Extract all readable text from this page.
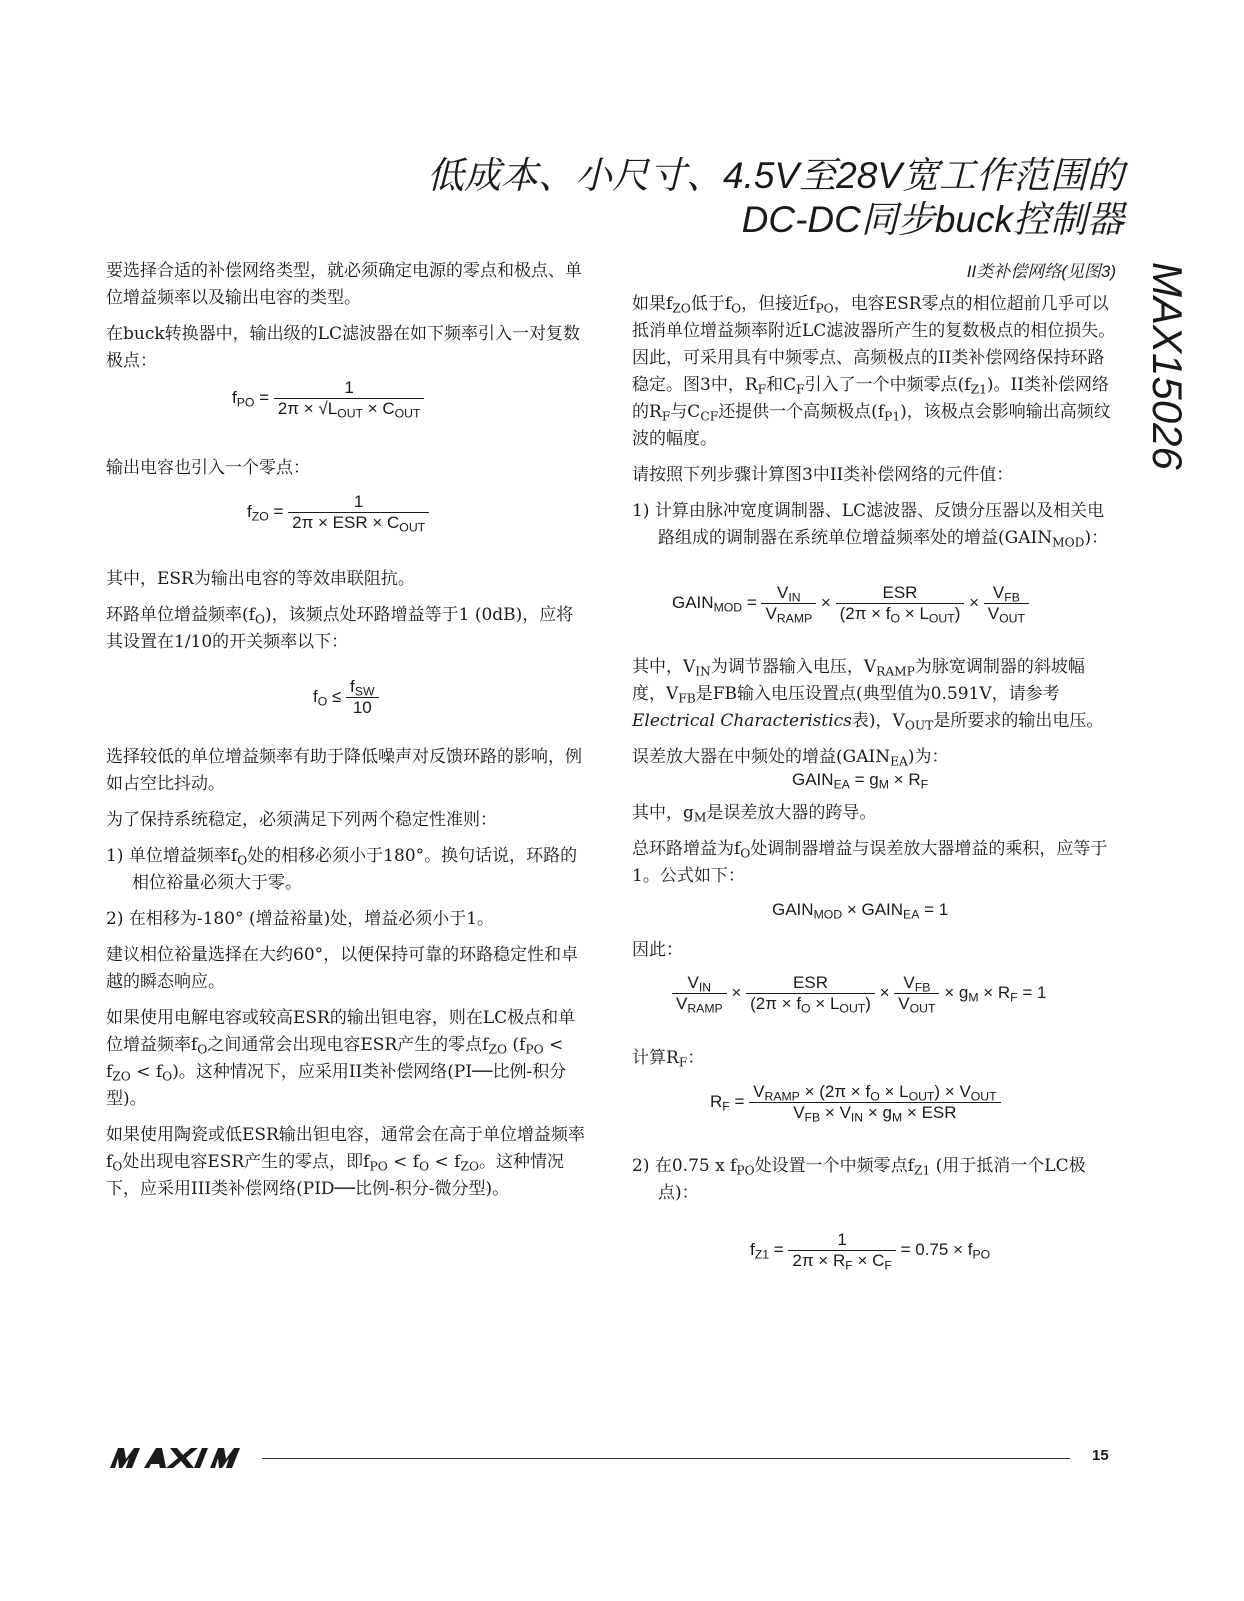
低成本、小尺寸、4.5V至28V宽工作范围的
DC-DC同步buck控制器
MAX15026

要选择合适的补偿网络类型，就必须确定电源的零点和极点、单位增益频率以及输出电容的类型。

在buck转换器中，输出级的LC滤波器在如下频率引入一对复数极点：

$f_{PO} = \frac{1}{2\pi \times √L_{OUT} \times C_{OUT}}$

输出电容也引入一个零点：

$f_{ZO} = \frac{1}{2\pi \times ESR \times C_{OUT}}$

其中，ESR为输出电容的等效串联阻抗。

环路单位增益频率$(f_O)$，该频点处环路增益等于1 (0dB)，应将其设置在1/10的开关频率以下：

$f_O \le \frac{f_{SW}}{10}$

选择较低的单位增益频率有助于降低噪声对反馈环路的影响，例如占空比抖动。

为了保持系统稳定，必须满足下列两个稳定性准则：

1) 单位增益频率$f_O$处的相移必须小于180°。换句话说，环路的相位裕量必须大于零。

2) 在相移为-180° (增益裕量)处，增益必须小于1。

建议相位裕量选择在大约60°，以便保持可靠的环路稳定性和卓越的瞬态响应。

如果使用电解电容或较高ESR的输出钽电容，则在LC极点和单位增益频率$f_O$之间通常会出现电容ESR产生的零点$f_{ZO}$ $(f_{PO} < f_{ZO} < f_O)$。这种情况下，应采用II类补偿网络(PI──比例-积分型)。

如果使用陶瓷或低ESR输出钽电容，通常会在高于单位增益频率$f_O$处出现电容ESR产生的零点，即$f_{PO} < f_O < f_{ZO}$。这种情况下，应采用III类补偿网络(PID──比例-积分-微分型)。

II类补偿网络(见图3)

如果$f_{ZO}$低于$f_O$，但接近$f_{PO}$，电容ESR零点的相位超前几乎可以抵消单位增益频率附近LC滤波器所产生的复数极点的相位损失。因此，可采用具有中频零点、高频极点的II类补偿网络保持环路稳定。图3中，$R_F$和$C_F$引入了一个中频零点$(f_{Z1})$。II类补偿网络的$R_F$与$C_{CF}$还提供一个高频极点$(f_{P1})$，该极点会影响输出高频纹波的幅度。

请按照下列步骤计算图3中II类补偿网络的元件值：

1) 计算由脉冲宽度调制器、LC滤波器、反馈分压器以及相关电路组成的调制器在系统单位增益频率处的增益$(GAIN_{MOD})$：

$GAIN_{MOD} = \frac{V_{IN}}{V_{RAMP}} \times \frac{\text{ESR}}{(2\pi \times f_O \times L_{OUT})} \times \frac{V_{FB}}{V_{OUT}}$

其中，$V_{IN}$为调节器输入电压，$V_{RAMP}$为脉宽调制器的斜坡幅度，$V_{FB}$是FB输入电压设置点(典型值为0.591V，请参考Electrical Characteristics表)，$V_{OUT}$是所要求的输出电压。

误差放大器在中频处的增益$(GAIN_{EA})$为：

$GAIN_{EA} = g_M \times R_F$

其中，$g_M$是误差放大器的跨导。

总环路增益为$f_O$处调制器增益与误差放大器增益的乘积，应等于1。公式如下：

$GAIN_{MOD}$ × $GAIN_{EA} = 1$

因此：

$\frac{V_{IN}}{V_{RAMP}} \times \frac{\text{ESR}}{(2\pi \times f_O \times L_{OUT})} \times \frac{V_{FB}}{V_{OUT}} \times g_M \times R_F = 1$

计算$R_F$：

$R_F = \frac{V_{RAMP} \times (2\pi \times f_O \times L_{OUT}) \times V_{OUT}}{V_{FB} \times V_{IN} \times g_M \times ESR}$

2) 在0.75 x $f_{PO}$处设置一个中频零点$f_{Z1}$ (用于抵消一个LC极点)：

$f_{Z1} = \frac{1}{2\pi \times R_F \times C_F} = 0.75 \times f_{PO}$
15
